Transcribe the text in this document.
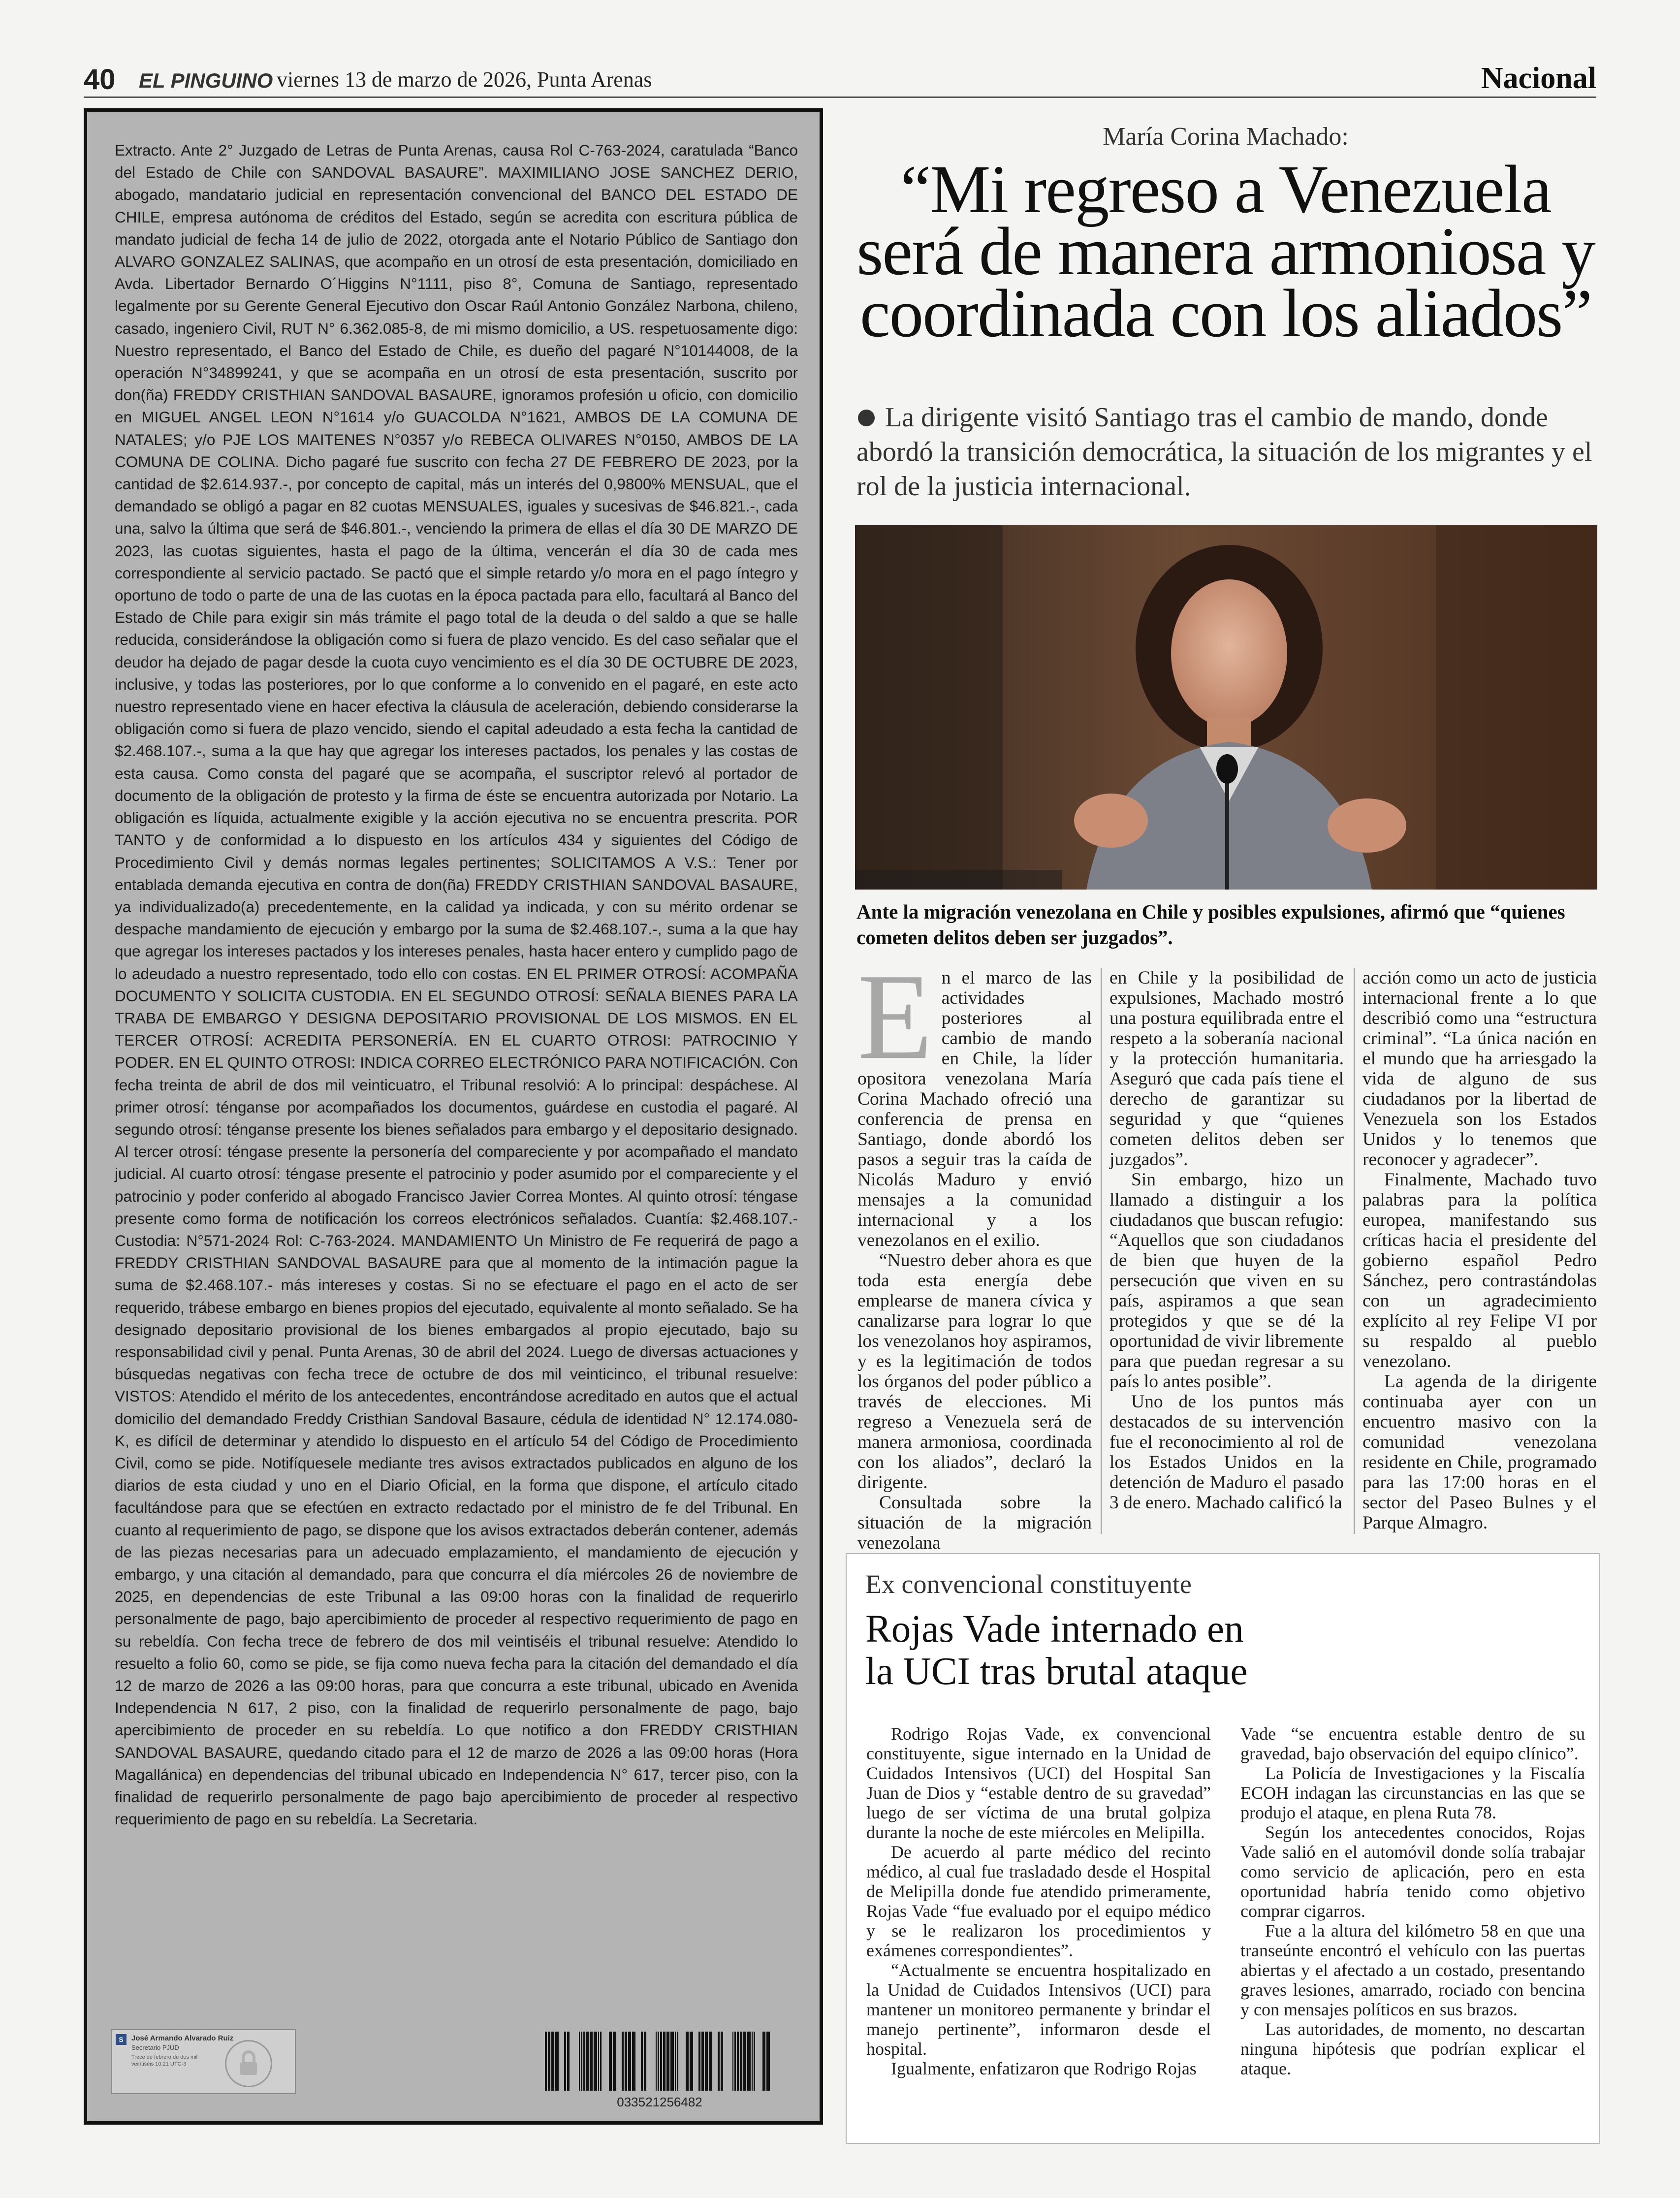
40 EL PINGUINO viernes 13 de marzo de 2026, Punta Arenas	Nacional

Extracto. Ante 2° Juzgado de Letras de Punta Arenas, causa Rol C-763-2024, caratulada “Banco del Estado de Chile con SANDOVAL BASAURE”. MAXIMILIANO JOSE SANCHEZ DERIO, abogado, mandatario judicial en representación convencional del BANCO DEL ESTADO DE CHILE, empresa autónoma de créditos del Estado, según se acredita con escritura pública de mandato judicial de fecha 14 de julio de 2022, otorgada ante el Notario Público de Santiago don ALVARO GONZALEZ SALINAS, que acompaño en un otrosí de esta presentación, domiciliado en Avda. Libertador Bernardo O´Higgins N°1111, piso 8°, Comuna de Santiago, representado legalmente por su Gerente General Ejecutivo don Oscar Raúl Antonio González Narbona, chileno, casado, ingeniero Civil, RUT N° 6.362.085-8, de mi mismo domicilio, a US. respetuosamente digo: Nuestro representado, el Banco del Estado de Chile, es dueño del pagaré N°10144008, de la operación N°34899241, y que se acompaña en un otrosí de esta presentación, suscrito por don(ña) FREDDY CRISTHIAN SANDOVAL BASAURE, ignoramos profesión u oficio, con domicilio en MIGUEL ANGEL LEON N°1614 y/o GUACOLDA N°1621, AMBOS DE LA COMUNA DE NATALES; y/o PJE LOS MAITENES N°0357 y/o REBECA OLIVARES N°0150, AMBOS DE LA COMUNA DE COLINA. Dicho pagaré fue suscrito con fecha 27 DE FEBRERO DE 2023, por la cantidad de $2.614.937.-, por concepto de capital, más un interés del 0,9800% MENSUAL, que el demandado se obligó a pagar en 82 cuotas MENSUALES, iguales y sucesivas de $46.821.-, cada una, salvo la última que será de $46.801.-, venciendo la primera de ellas el día 30 DE MARZO DE 2023, las cuotas siguientes, hasta el pago de la última, vencerán el día 30 de cada mes correspondiente al servicio pactado. Se pactó que el simple retardo y/o mora en el pago íntegro y oportuno de todo o parte de una de las cuotas en la época pactada para ello, facultará al Banco del Estado de Chile para exigir sin más trámite el pago total de la deuda o del saldo a que se halle reducida, considerándose la obligación como si fuera de plazo vencido. Es del caso señalar que el deudor ha dejado de pagar desde la cuota cuyo vencimiento es el día 30 DE OCTUBRE DE 2023, inclusive, y todas las posteriores, por lo que conforme a lo convenido en el pagaré, en este acto nuestro representado viene en hacer efectiva la cláusula de aceleración, debiendo considerarse la obligación como si fuera de plazo vencido, siendo el capital adeudado a esta fecha la cantidad de $2.468.107.-, suma a la que hay que agregar los intereses pactados, los penales y las costas de esta causa. Como consta del pagaré que se acompaña, el suscriptor relevó al portador de documento de la obligación de protesto y la firma de éste se encuentra autorizada por Notario. La obligación es líquida, actualmente exigible y la acción ejecutiva no se encuentra prescrita. POR TANTO y de conformidad a lo dispuesto en los artículos 434 y siguientes del Código de Procedimiento Civil y demás normas legales pertinentes; SOLICITAMOS A V.S.: Tener por entablada demanda ejecutiva en contra de don(ña) FREDDY CRISTHIAN SANDOVAL BASAURE, ya individualizado(a) precedentemente, en la calidad ya indicada, y con su mérito ordenar se despache mandamiento de ejecución y embargo por la suma de $2.468.107.-, suma a la que hay que agregar los intereses pactados y los intereses penales, hasta hacer entero y cumplido pago de lo adeudado a nuestro representado, todo ello con costas. EN EL PRIMER OTROSÍ: ACOMPAÑA DOCUMENTO Y SOLICITA CUSTODIA. EN EL SEGUNDO OTROSÍ: SEÑALA BIENES PARA LA TRABA DE EMBARGO Y DESIGNA DEPOSITARIO PROVISIONAL DE LOS MISMOS. EN EL TERCER OTROSÍ: ACREDITA PERSONERÍA. EN EL CUARTO OTROSI: PATROCINIO Y PODER. EN EL QUINTO OTROSI: INDICA CORREO ELECTRÓNICO PARA NOTIFICACIÓN. Con fecha treinta de abril de dos mil veinticuatro, el Tribunal resolvió: A lo principal: despáchese. Al primer otrosí: ténganse por acompañados los documentos, guárdese en custodia el pagaré. Al segundo otrosí: ténganse presente los bienes señalados para embargo y el depositario designado. Al tercer otrosí: téngase presente la personería del compareciente y por acompañado el mandato judicial. Al cuarto otrosí: téngase presente el patrocinio y poder asumido por el compareciente y el patrocinio y poder conferido al abogado Francisco Javier Correa Montes. Al quinto otrosí: téngase presente como forma de notificación los correos electrónicos señalados. Cuantía: $2.468.107.- Custodia: N°571-2024 Rol: C-763-2024. MANDAMIENTO Un Ministro de Fe requerirá de pago a FREDDY CRISTHIAN SANDOVAL BASAURE para que al momento de la intimación pague la suma de $2.468.107.- más intereses y costas. Si no se efectuare el pago en el acto de ser requerido, trábese embargo en bienes propios del ejecutado, equivalente al monto señalado. Se ha designado depositario provisional de los bienes embargados al propio ejecutado, bajo su responsabilidad civil y penal. Punta Arenas, 30 de abril del 2024. Luego de diversas actuaciones y búsquedas negativas con fecha trece de octubre de dos mil veinticinco, el tribunal resuelve: VISTOS: Atendido el mérito de los antecedentes, encontrándose acreditado en autos que el actual domicilio del demandado Freddy Cristhian Sandoval Basaure, cédula de identidad N° 12.174.080-K, es difícil de determinar y atendido lo dispuesto en el artículo 54 del Código de Procedimiento Civil, como se pide. Notifíquesele mediante tres avisos extractados publicados en alguno de los diarios de esta ciudad y uno en el Diario Oficial, en la forma que dispone, el artículo citado facultándose para que se efectúen en extracto redactado por el ministro de fe del Tribunal. En cuanto al requerimiento de pago, se dispone que los avisos extractados deberán contener, además de las piezas necesarias para un adecuado emplazamiento, el mandamiento de ejecución y embargo, y una citación al demandado, para que concurra el día miércoles 26 de noviembre de 2025, en dependencias de este Tribunal a las 09:00 horas con la finalidad de requerirlo personalmente de pago, bajo apercibimiento de proceder al respectivo requerimiento de pago en su rebeldía. Con fecha trece de febrero de dos mil veintiséis el tribunal resuelve: Atendido lo resuelto a folio 60, como se pide, se fija como nueva fecha para la citación del demandado el día 12 de marzo de 2026 a las 09:00 horas, para que concurra a este tribunal, ubicado en Avenida Independencia N 617, 2 piso, con la finalidad de requerirlo personalmente de pago, bajo apercibimiento de proceder en su rebeldía. Lo que notifico a don FREDDY CRISTHIAN SANDOVAL BASAURE, quedando citado para el 12 de marzo de 2026 a las 09:00 horas (Hora Magallánica) en dependencias del tribunal ubicado en Independencia N° 617, tercer piso, con la finalidad de requerirlo personalmente de pago bajo apercibimiento de proceder al respectivo requerimiento de pago en su rebeldía. La Secretaria.

S	José Armando Alvarado Ruiz
Secretario PJUD
Trece de febrero de dos mil veintiséis 10:21 UTC-3
033521256482
María Corina Machado:
“Mi regreso a Venezuela será de manera armoniosa y coordinada con los aliados”

La dirigente visitó Santiago tras el cambio de mando, donde abordó la transición democrática, la situación de los migrantes y el rol de la justicia internacional.

Ante la migración venezolana en Chile y posibles expulsiones, afirmó que “quienes cometen delitos deben ser juzgados”.

En el marco de las actividades posteriores al cambio de mando en Chile, la líder opositora venezolana María Corina Machado ofreció una conferencia de prensa en Santiago, donde abordó los pasos a seguir tras la caída de Nicolás Maduro y envió mensajes a la comunidad internacional y a los venezolanos en el exilio.

“Nuestro deber ahora es que toda esta energía debe emplearse de manera cívica y canalizarse para lograr lo que los venezolanos hoy aspiramos, y es la legitimación de todos los órganos del poder público a través de elecciones. Mi regreso a Venezuela será de manera armoniosa, coordinada con los aliados”, declaró la dirigente.

Consultada sobre la situación de la migración venezolana

en Chile y la posibilidad de expulsiones, Machado mostró una postura equilibrada entre el respeto a la soberanía nacional y la protección humanitaria. Aseguró que cada país tiene el derecho de garantizar su seguridad y que “quienes cometen delitos deben ser juzgados”.

Sin embargo, hizo un llamado a distinguir a los ciudadanos que buscan refugio: “Aquellos que son ciudadanos de bien que huyen de la persecución que viven en su país, aspiramos a que sean protegidos y que se dé la oportunidad de vivir libremente para que puedan regresar a su país lo antes posible”.

Uno de los puntos más destacados de su intervención fue el reconocimiento al rol de los Estados Unidos en la detención de Maduro el pasado 3 de enero. Machado calificó la

acción como un acto de justicia internacional frente a lo que describió como una “estructura criminal”. “La única nación en el mundo que ha arriesgado la vida de alguno de sus ciudadanos por la libertad de Venezuela son los Estados Unidos y lo tenemos que reconocer y agradecer”.

Finalmente, Machado tuvo palabras para la política europea, manifestando sus críticas hacia el presidente del gobierno español Pedro Sánchez, pero contrastándolas con un agradecimiento explícito al rey Felipe VI por su respaldo al pueblo venezolano.

La agenda de la dirigente continuaba ayer con un encuentro masivo con la comunidad venezolana residente en Chile, programado para las 17:00 horas en el sector del Paseo Bulnes y el Parque Almagro.

Ex convencional constituyente
Rojas Vade internado en
la UCI tras brutal ataque

Rodrigo Rojas Vade, ex convencional constituyente, sigue internado en la Unidad de Cuidados Intensivos (UCI) del Hospital San Juan de Dios y “estable dentro de su gravedad” luego de ser víctima de una brutal golpiza durante la noche de este miércoles en Melipilla.

De acuerdo al parte médico del recinto médico, al cual fue trasladado desde el Hospital de Melipilla donde fue atendido primeramente, Rojas Vade “fue evaluado por el equipo médico y se le realizaron los procedimientos y exámenes correspondientes”.

“Actualmente se encuentra hospitalizado en la Unidad de Cuidados Intensivos (UCI) para mantener un monitoreo permanente y brindar el manejo pertinente”, informaron desde el hospital.

Igualmente, enfatizaron que Rodrigo Rojas

Vade “se encuentra estable dentro de su gravedad, bajo observación del equipo clínico”.

La Policía de Investigaciones y la Fiscalía ECOH indagan las circunstancias en las que se produjo el ataque, en plena Ruta 78.

Según los antecedentes conocidos, Rojas Vade salió en el automóvil donde solía trabajar como servicio de aplicación, pero en esta oportunidad habría tenido como objetivo comprar cigarros.

Fue a la altura del kilómetro 58 en que una transeúnte encontró el vehículo con las puertas abiertas y el afectado a un costado, presentando graves lesiones, amarrado, rociado con bencina y con mensajes políticos en sus brazos.

Las autoridades, de momento, no descartan ninguna hipótesis que podrían explicar el ataque.
